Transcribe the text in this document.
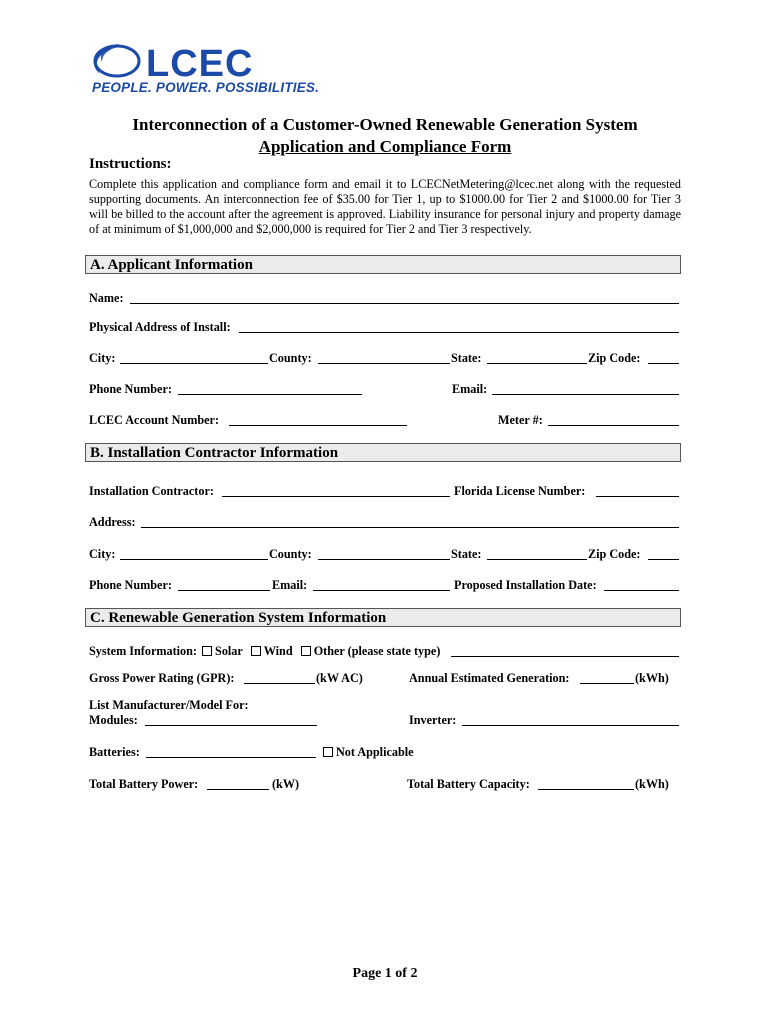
LCEC
PEOPLE. POWER. POSSIBILITIES.
Interconnection of a Customer-Owned Renewable Generation System
Application and Compliance Form
Instructions:
Complete this application and compliance form and email it to LCECNetMetering@lcec.net along with the requested supporting documents. An interconnection fee of $35.00 for Tier 1, up to $1000.00 for Tier 2 and $1000.00 for Tier 3 will be billed to the account after the agreement is approved. Liability insurance for personal injury and property damage of at minimum of $1,000,000 and $2,000,000 is required for Tier 2 and Tier 3 respectively.
A. Applicant Information
Name:
Physical Address of Install:
City:	County:	State:	Zip Code:
Phone Number:	Email:
LCEC Account Number:	Meter #:
B. Installation Contractor Information
Installation Contractor:	Florida License Number:
Address:
City:	County:	State:	Zip Code:
Phone Number:	Email:	Proposed Installation Date:
C. Renewable Generation System Information
System Information: Solar Wind Other (please state type)
Gross Power Rating (GPR):	(kW AC)	Annual Estimated Generation:	(kWh)
List Manufacturer/Model For:
Modules:	Inverter:
Batteries:	Not Applicable
Total Battery Power:	(kW)	Total Battery Capacity:	(kWh)
Page 1 of 2
